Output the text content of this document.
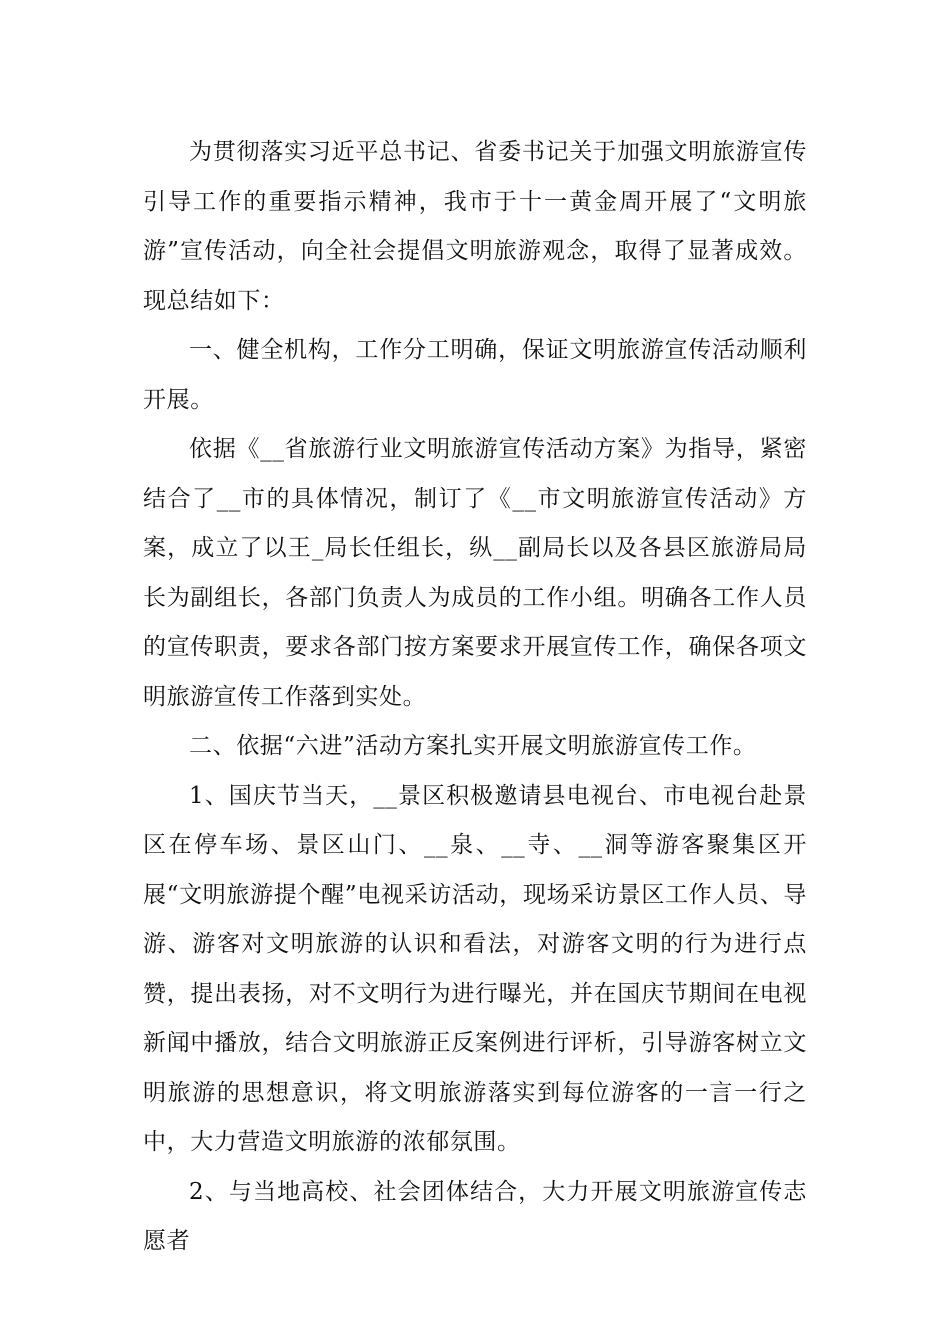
为贯彻落实习近平总书记、省委书记关于加强文明旅游宣传引导工作的重要指示精神，我市于十一黄金周开展了“文明旅游”宣传活动，向全社会提倡文明旅游观念，取得了显著成效。现总结如下：

一、健全机构，工作分工明确，保证文明旅游宣传活动顺利开展。

依据《__省旅游行业文明旅游宣传活动方案》为指导，紧密结合了__市的具体情况，制订了《__市文明旅游宣传活动》方案，成立了以王_局长任组长，纵__副局长以及各县区旅游局局长为副组长，各部门负责人为成员的工作小组。明确各工作人员的宣传职责，要求各部门按方案要求开展宣传工作，确保各项文明旅游宣传工作落到实处。

二、依据“六进”活动方案扎实开展文明旅游宣传工作。

1、国庆节当天，__景区积极邀请县电视台、市电视台赴景区在停车场、景区山门、__泉、__寺、__洞等游客聚集区开展“文明旅游提个醒”电视采访活动，现场采访景区工作人员、导游、游客对文明旅游的认识和看法，对游客文明的行为进行点赞，提出表扬，对不文明行为进行曝光，并在国庆节期间在电视新闻中播放，结合文明旅游正反案例进行评析，引导游客树立文明旅游的思想意识，将文明旅游落实到每位游客的一言一行之中，大力营造文明旅游的浓郁氛围。

2、与当地高校、社会团体结合，大力开展文明旅游宣传志愿者
